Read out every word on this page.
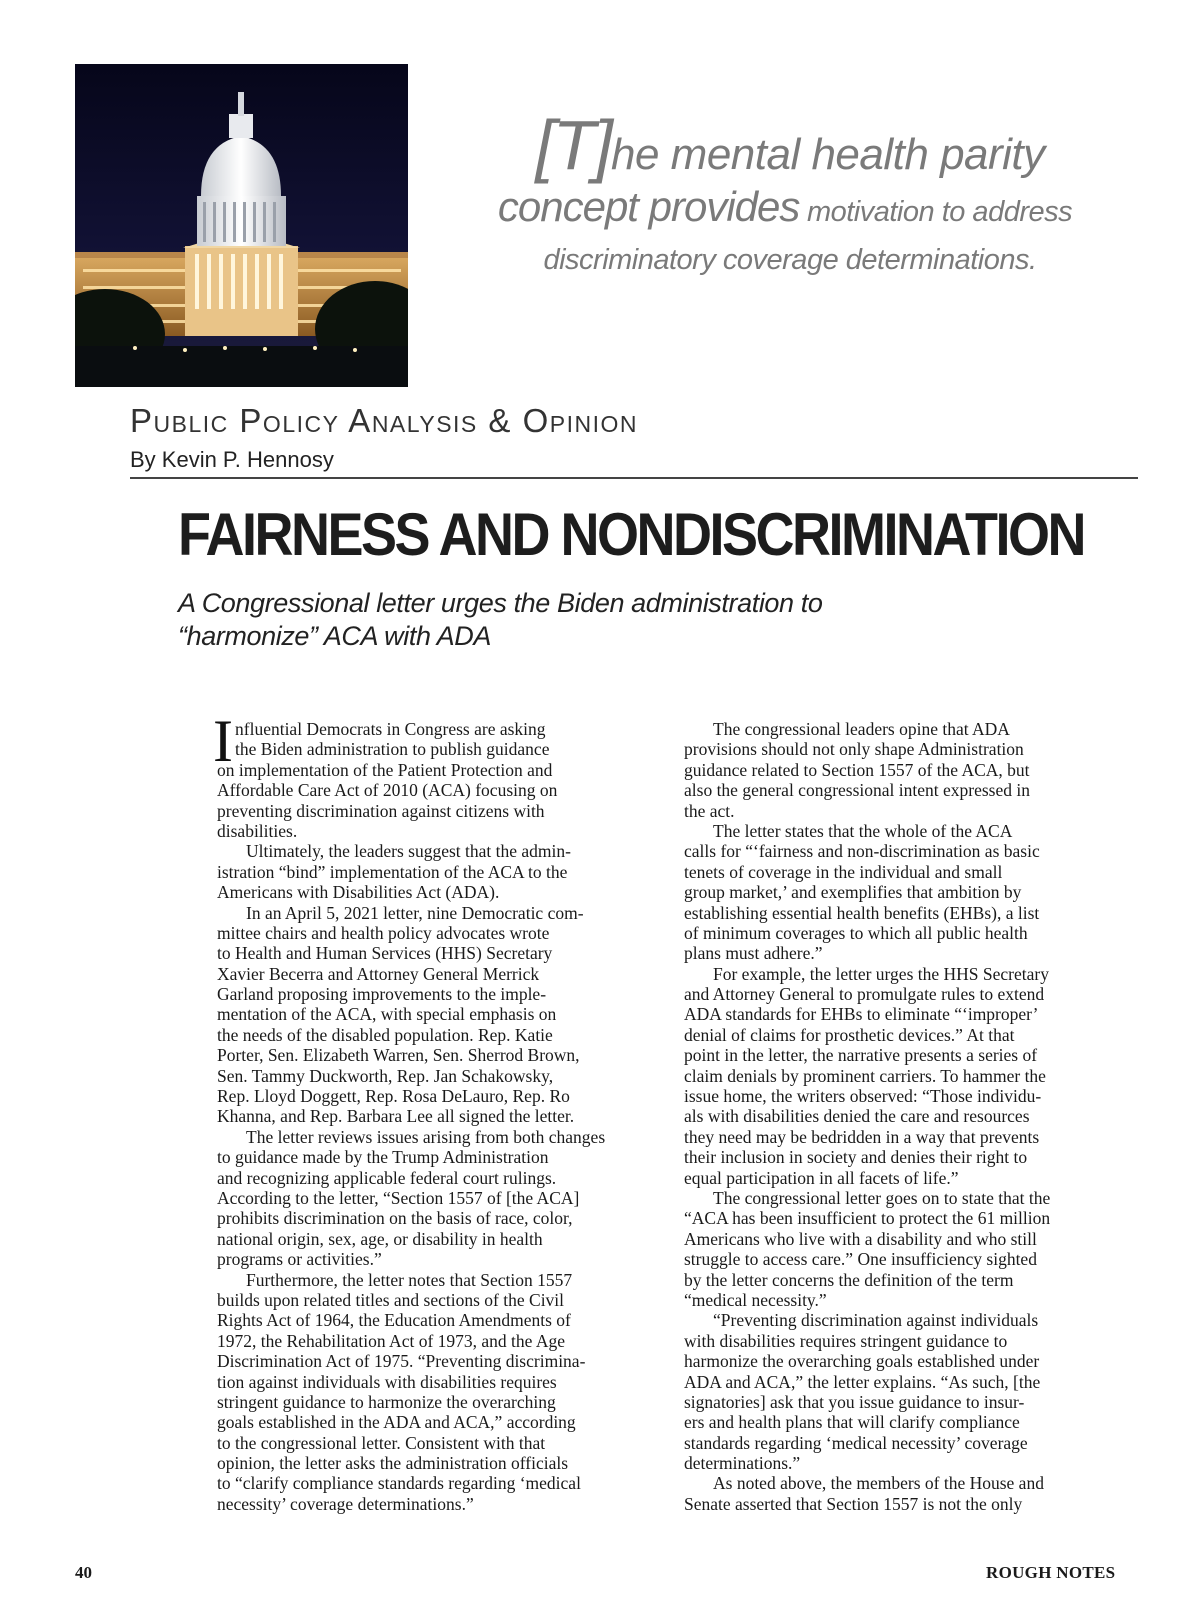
[T]he mental health parity
concept provides motivation to address
discriminatory coverage determinations.
Public Policy Analysis & Opinion
By Kevin P. Hennosy
FAIRNESS AND NONDISCRIMINATION
A Congressional letter urges the Biden administration to
“harmonize” ACA with ADA
I nfluential Democrats in Congress are asking
the Biden administration to publish guidance
on implementation of the Patient Protection and
Affordable Care Act of 2010 (ACA) focusing on
preventing discrimination against citizens with
disabilities.
Ultimately, the leaders suggest that the admin-
istration “bind” implementation of the ACA to the
Americans with Disabilities Act (ADA).
In an April 5, 2021 letter, nine Democratic com-
mittee chairs and health policy advocates wrote
to Health and Human Services (HHS) Secretary
Xavier Becerra and Attorney General Merrick
Garland proposing improvements to the imple-
mentation of the ACA, with special emphasis on
the needs of the disabled population. Rep. Katie
Porter, Sen. Elizabeth Warren, Sen. Sherrod Brown,
Sen. Tammy Duckworth, Rep. Jan Schakowsky,
Rep. Lloyd Doggett, Rep. Rosa DeLauro, Rep. Ro
Khanna, and Rep. Barbara Lee all signed the letter.
The letter reviews issues arising from both changes
to guidance made by the Trump Administration
and recognizing applicable federal court rulings.
According to the letter, “Section 1557 of [the ACA]
prohibits discrimination on the basis of race, color,
national origin, sex, age, or disability in health
programs or activities.”
Furthermore, the letter notes that Section 1557
builds upon related titles and sections of the Civil
Rights Act of 1964, the Education Amendments of
1972, the Rehabilitation Act of 1973, and the Age
Discrimination Act of 1975. “Preventing discrimina-
tion against individuals with disabilities requires
stringent guidance to harmonize the overarching
goals established in the ADA and ACA,” according
to the congressional letter. Consistent with that
opinion, the letter asks the administration officials
to “clarify compliance standards regarding ‘medical
necessity’ coverage determinations.”
The congressional leaders opine that ADA
provisions should not only shape Administration
guidance related to Section 1557 of the ACA, but
also the general congressional intent expressed in
the act.
The letter states that the whole of the ACA
calls for “‘fairness and non-discrimination as basic
tenets of coverage in the individual and small
group market,’ and exemplifies that ambition by
establishing essential health benefits (EHBs), a list
of minimum coverages to which all public health
plans must adhere.”
For example, the letter urges the HHS Secretary
and Attorney General to promulgate rules to extend
ADA standards for EHBs to eliminate “‘improper’
denial of claims for prosthetic devices.” At that
point in the letter, the narrative presents a series of
claim denials by prominent carriers. To hammer the
issue home, the writers observed: “Those individu-
als with disabilities denied the care and resources
they need may be bedridden in a way that prevents
their inclusion in society and denies their right to
equal participation in all facets of life.”
The congressional letter goes on to state that the
“ACA has been insufficient to protect the 61 million
Americans who live with a disability and who still
struggle to access care.” One insufficiency sighted
by the letter concerns the definition of the term
“medical necessity.”
“Preventing discrimination against individuals
with disabilities requires stringent guidance to
harmonize the overarching goals established under
ADA and ACA,” the letter explains. “As such, [the
signatories] ask that you issue guidance to insur-
ers and health plans that will clarify compliance
standards regarding ‘medical necessity’ coverage
determinations.”
As noted above, the members of the House and
Senate asserted that Section 1557 is not the only
40	ROUGH NOTES
